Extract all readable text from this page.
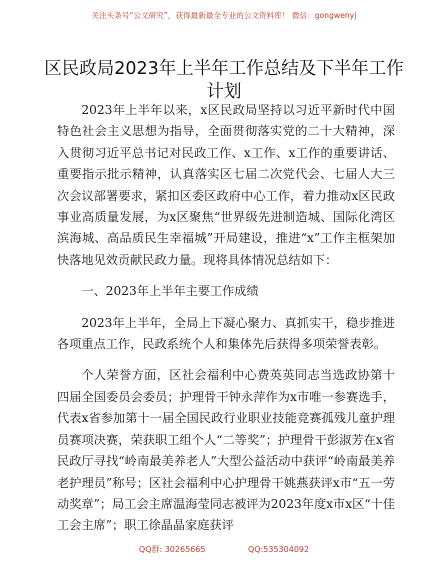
关注头条号“公文研究”，获得最新最全专业的公文资料库！ 微信：gongwenyj
区民政局2023年上半年工作总结及下半年工作计划

2023年上半年以来，x区民政局坚持以习近平新时代中国特色社会主义思想为指导，全面贯彻落实党的二十大精神，深入贯彻习近平总书记对民政工作、x工作、x工作的重要讲话、重要指示批示精神，认真落实区七届二次党代会、七届人大三次会议部署要求，紧扣区委区政府中心工作，着力推动x区民政事业高质量发展，为x区聚焦“世界级先进制造城、国际化湾区滨海城、高品质民生幸福城”开局建设，推进“x”工作主框架加快落地见效贡献民政力量。现将具体情况总结如下：

一、2023年上半年主要工作成绩

2023年上半年，全局上下凝心聚力、真抓实干，稳步推进各项重点工作，民政系统个人和集体先后获得多项荣誉表彰。

个人荣誉方面，区社会福利中心费英英同志当选政协第十四届全国委员会委员；护理骨干钟永萍作为x市唯一参赛选手，代表x省参加第十一届全国民政行业职业技能竞赛孤残儿童护理员赛项决赛，荣获职工组个人“二等奖”；护理骨干彭淑芳在x省民政厅寻找“岭南最美养老人”大型公益活动中获评“岭南最美养老护理员”称号；区社会福利中心护理骨干姚燕获评x市“五一劳动奖章”；局工会主席温海莹同志被评为2023年度x市x区“十佳工会主席”；职工徐晶晶家庭获评

QQ群: 30265665	QQ:535304092
